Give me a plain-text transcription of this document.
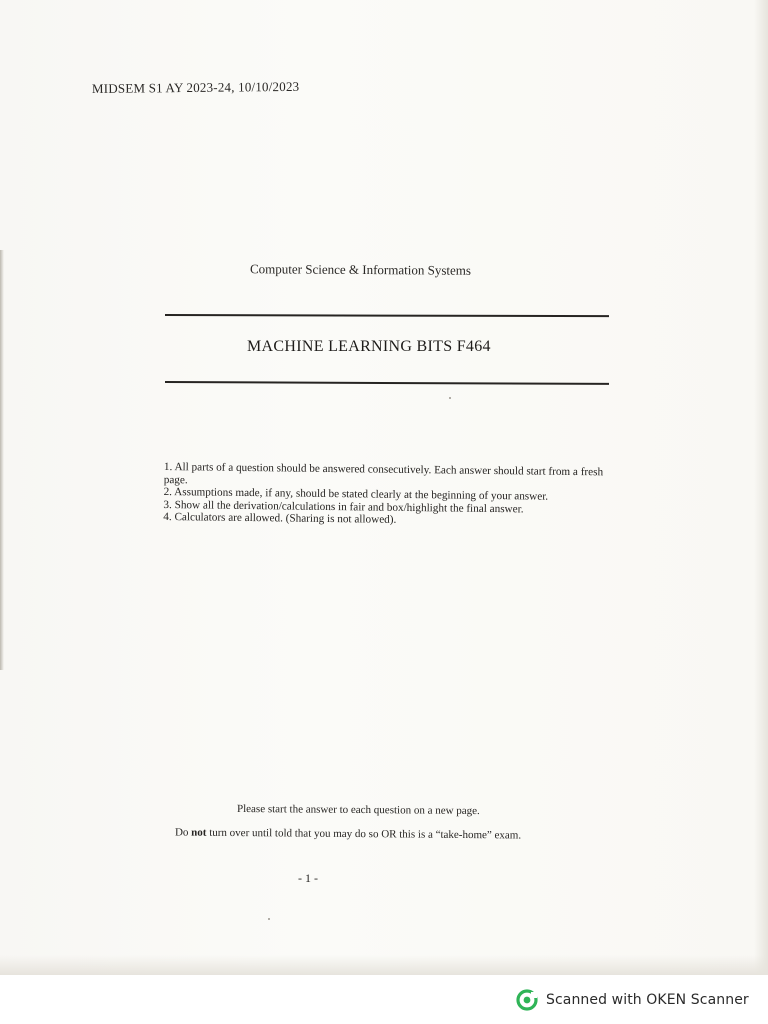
MIDSEM S1 AY 2023-24, 10/10/2023
Computer Science & Information Systems
MACHINE LEARNING BITS F464

1. All parts of a question should be answered consecutively. Each answer should start from a fresh page.

2. Assumptions made, if any, should be stated clearly at the beginning of your answer.

3. Show all the derivation/calculations in fair and box/highlight the final answer.

4. Calculators are allowed. (Sharing is not allowed).

Please start the answer to each question on a new page.
Do not turn over until told that you may do so OR this is a “take-home” exam.
- 1 -
Scanned with OKEN Scanner
